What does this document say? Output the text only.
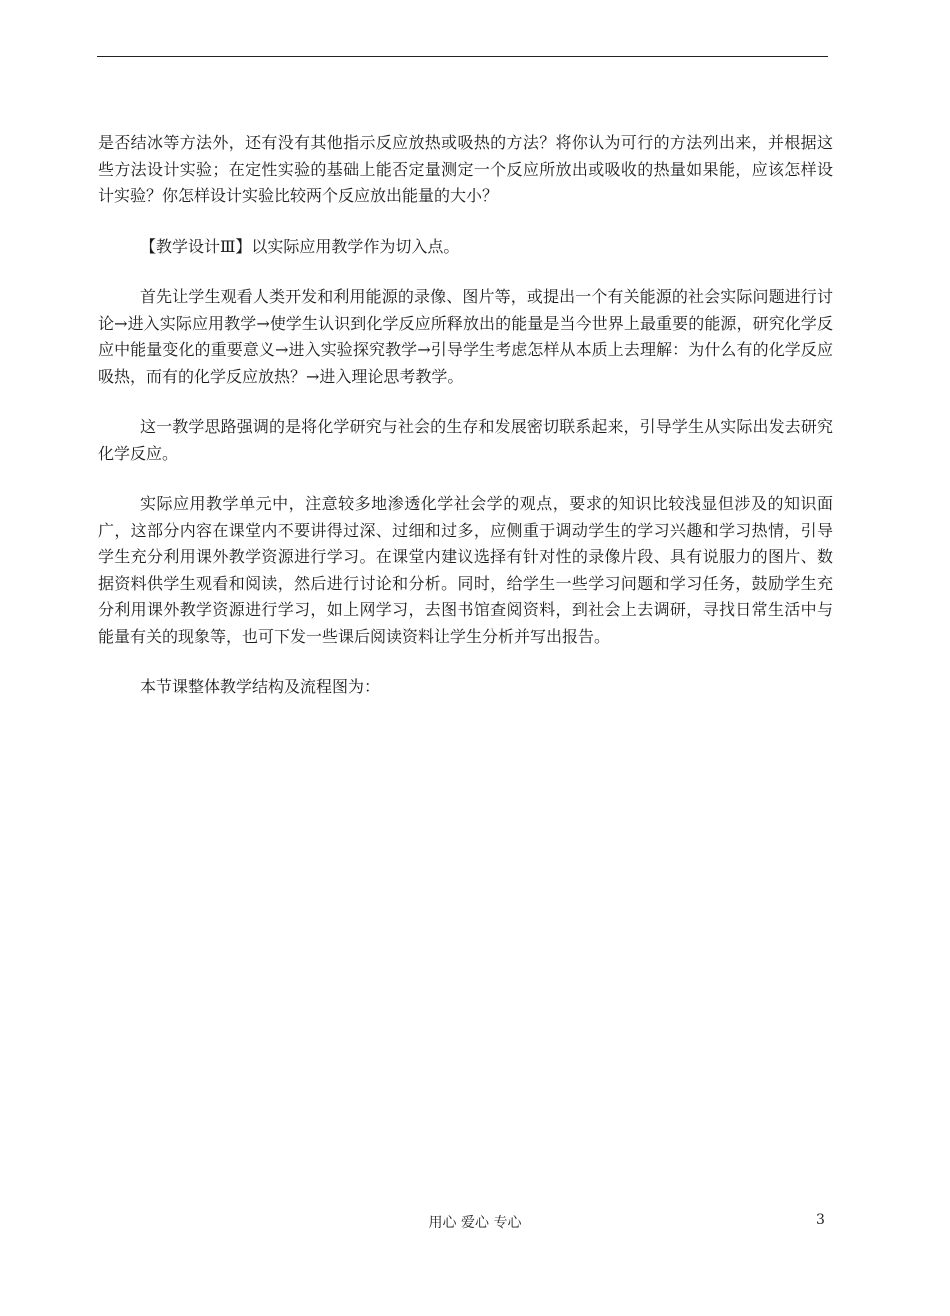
是否结冰等方法外，还有没有其他指示反应放热或吸热的方法？将你认为可行的方法列出来，并根据这些方法设计实验；在定性实验的基础上能否定量测定一个反应所放出或吸收的热量如果能，应该怎样设计实验？你怎样设计实验比较两个反应放出能量的大小？

【教学设计Ⅲ】以实际应用教学作为切入点。

首先让学生观看人类开发和利用能源的录像、图片等，或提出一个有关能源的社会实际问题进行讨论→进入实际应用教学→使学生认识到化学反应所释放出的能量是当今世界上最重要的能源，研究化学反应中能量变化的重要意义→进入实验探究教学→引导学生考虑怎样从本质上去理解：为什么有的化学反应吸热，而有的化学反应放热？→进入理论思考教学。

这一教学思路强调的是将化学研究与社会的生存和发展密切联系起来，引导学生从实际出发去研究化学反应。

实际应用教学单元中，注意较多地渗透化学社会学的观点，要求的知识比较浅显但涉及的知识面广，这部分内容在课堂内不要讲得过深、过细和过多，应侧重于调动学生的学习兴趣和学习热情，引导学生充分利用课外教学资源进行学习。在课堂内建议选择有针对性的录像片段、具有说服力的图片、数据资料供学生观看和阅读，然后进行讨论和分析。同时，给学生一些学习问题和学习任务，鼓励学生充分利用课外教学资源进行学习，如上网学习，去图书馆查阅资料，到社会上去调研，寻找日常生活中与能量有关的现象等，也可下发一些课后阅读资料让学生分析并写出报告。

本节课整体教学结构及流程图为：

用心 爱心 专心	3
